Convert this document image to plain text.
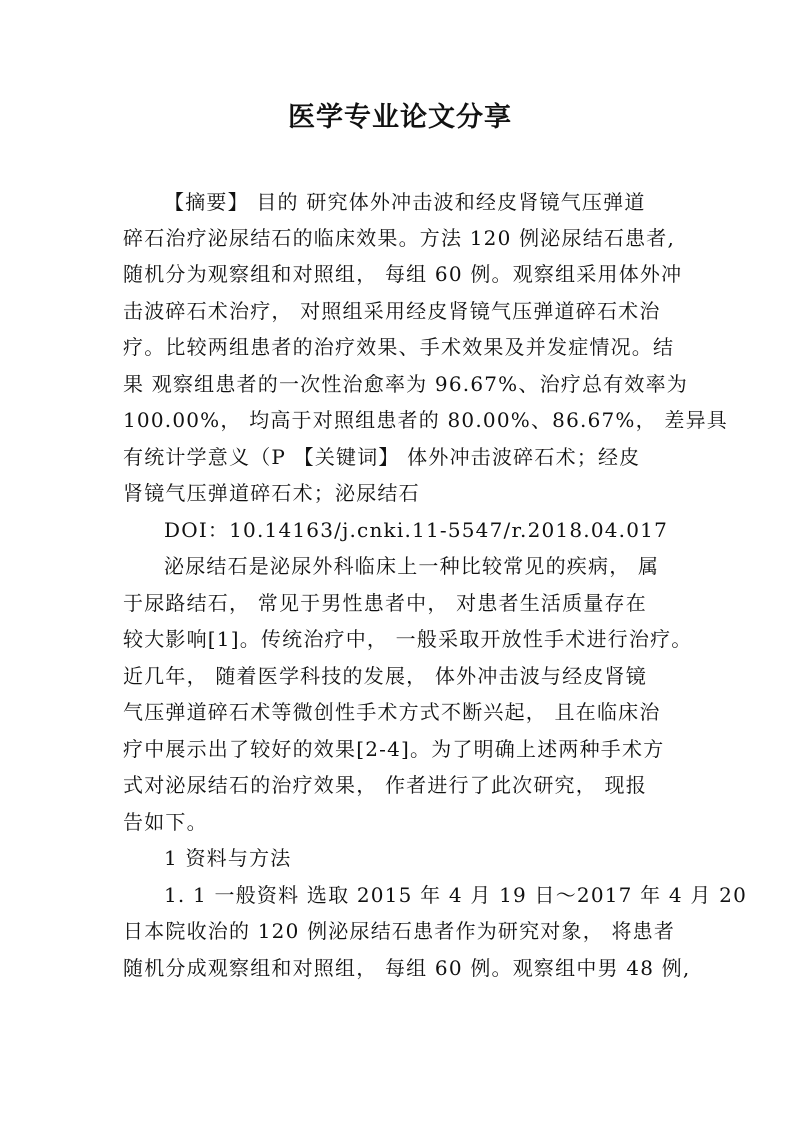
医学专业论文分享
【摘要】 目的 研究体外冲击波和经皮肾镜气压弹道
碎石治疗泌尿结石的临床效果。方法 120 例泌尿结石患者,
随机分为观察组和对照组， 每组 60 例。观察组采用体外冲
击波碎石术治疗， 对照组采用经皮肾镜气压弹道碎石术治
疗。比较两组患者的治疗效果、手术效果及并发症情况。结
果 观察组患者的一次性治愈率为 96.67%、治疗总有效率为
100.00%， 均高于对照组患者的 80.00%、86.67%， 差异具
有统计学意义（P 【关键词】 体外冲击波碎石术；经皮
肾镜气压弹道碎石术；泌尿结石
DOI：10.14163/j.cnki.11-5547/r.2018.04.017
泌尿结石是泌尿外科临床上一种比较常见的疾病， 属
于尿路结石， 常见于男性患者中， 对患者生活质量存在
较大影响[1]。传统治疗中， 一般采取开放性手术进行治疗。
近几年， 随着医学科技的发展， 体外冲击波与经皮肾镜
气压弹道碎石术等微创性手术方式不断兴起， 且在临床治
疗中展示出了较好的效果[2-4]。为了明确上述两种手术方
式对泌尿结石的治疗效果， 作者进行了此次研究， 现报
告如下。
1 资料与方法
1. 1 一般资料 选取 2015 年 4 月 19 日～2017 年 4 月 20
日本院收治的 120 例泌尿结石患者作为研究对象， 将患者
随机分成观察组和对照组， 每组 60 例。观察组中男 48 例,
